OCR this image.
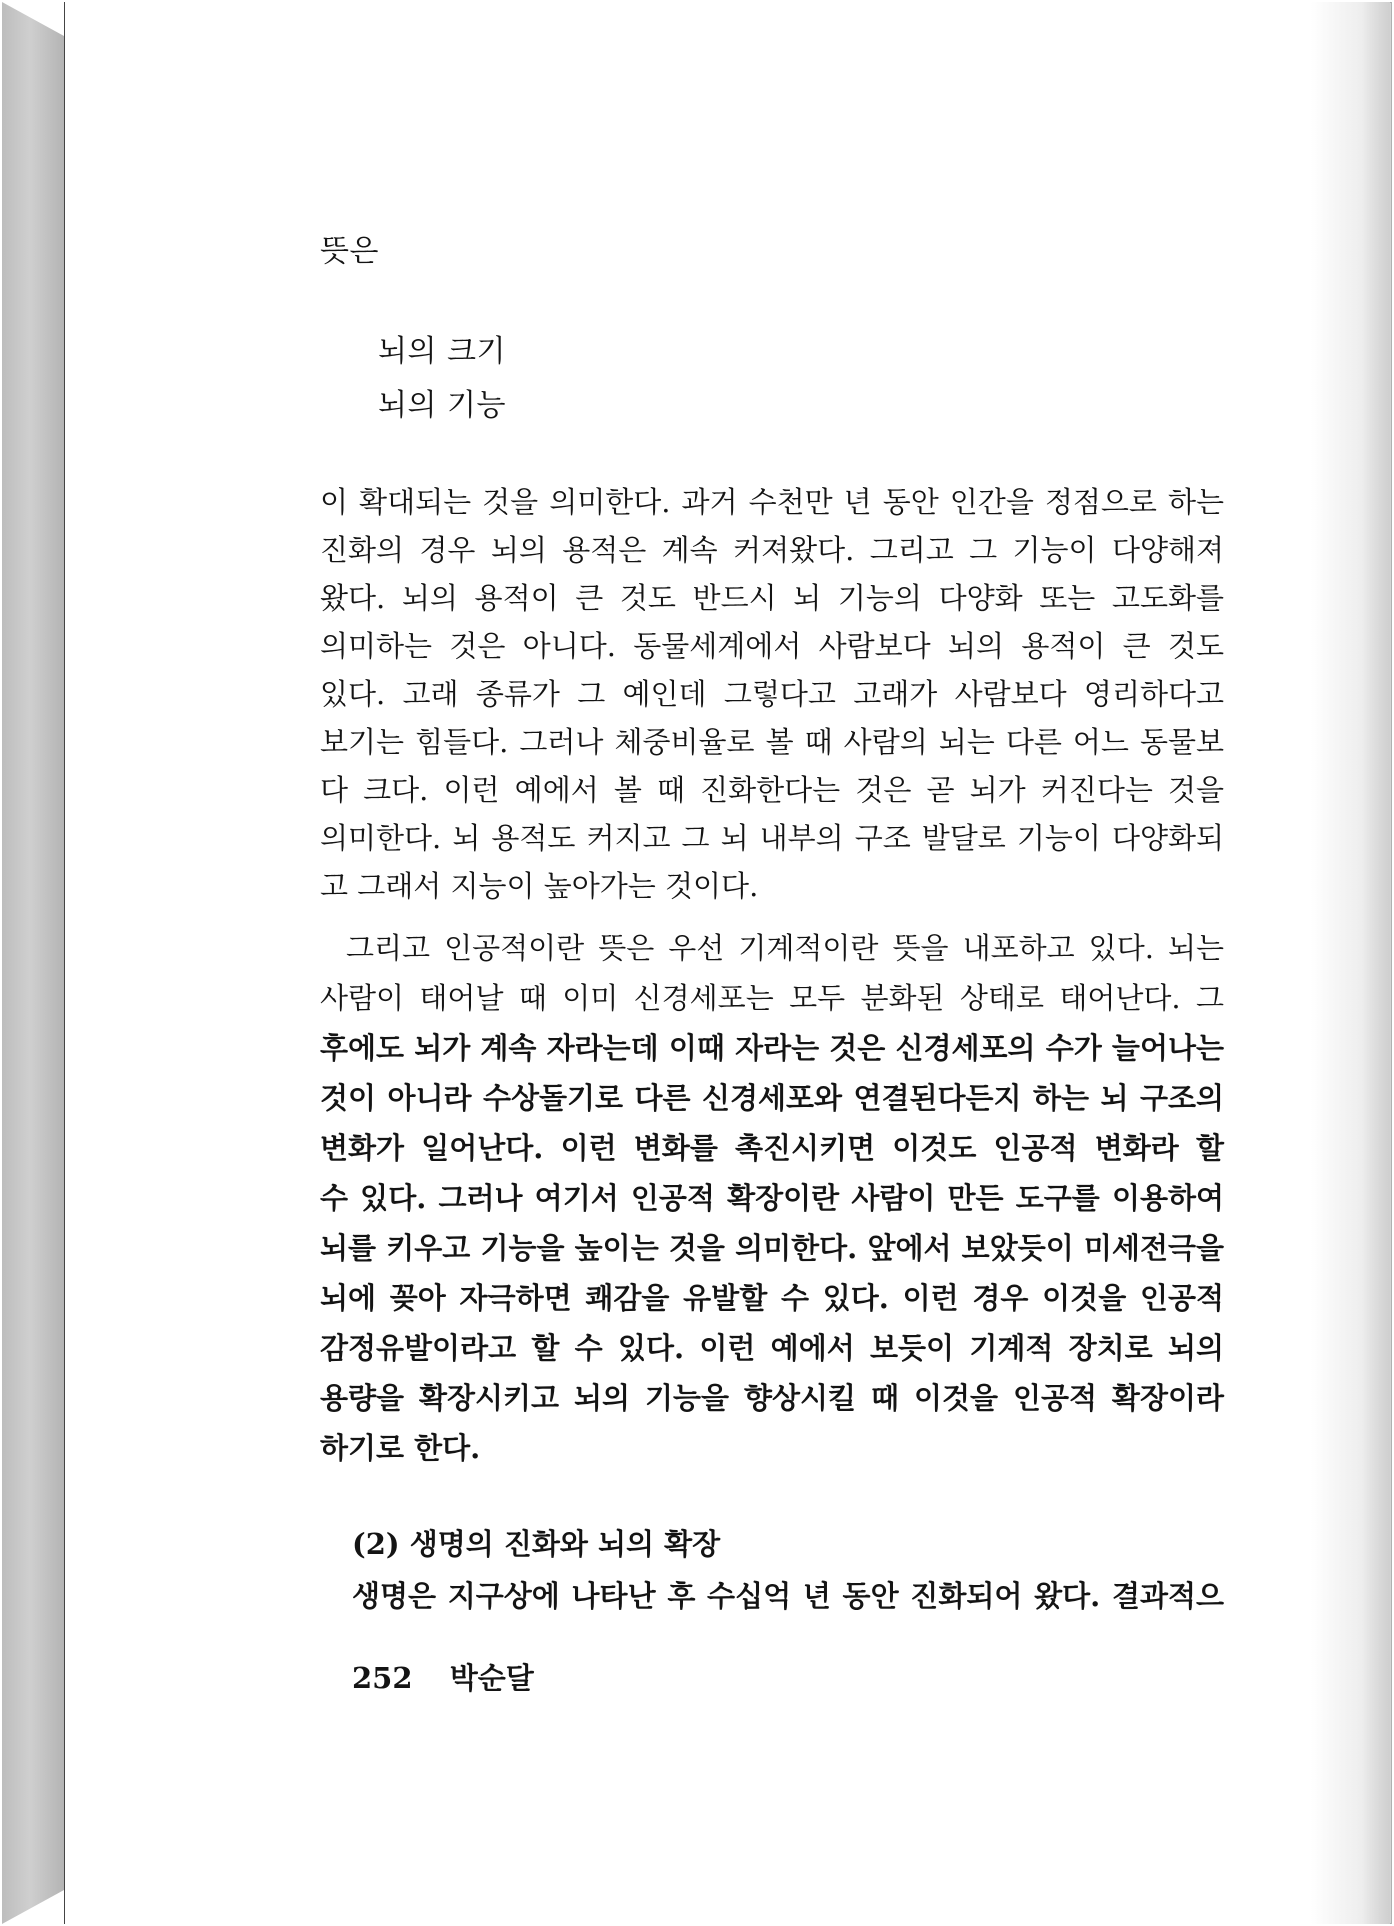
뜻은
뇌의 크기
뇌의 기능
이 확대되는 것을 의미한다. 과거 수천만 년 동안 인간을 정점으로 하는
진화의 경우 뇌의 용적은 계속 커져왔다. 그리고 그 기능이 다양해져
왔다. 뇌의 용적이 큰 것도 반드시 뇌 기능의 다양화 또는 고도화를
의미하는 것은 아니다. 동물세계에서 사람보다 뇌의 용적이 큰 것도
있다. 고래 종류가 그 예인데 그렇다고 고래가 사람보다 영리하다고
보기는 힘들다. 그러나 체중비율로 볼 때 사람의 뇌는 다른 어느 동물보
다 크다. 이런 예에서 볼 때 진화한다는 것은 곧 뇌가 커진다는 것을
의미한다. 뇌 용적도 커지고 그 뇌 내부의 구조 발달로 기능이 다양화되
고 그래서 지능이 높아가는 것이다.
그리고 인공적이란 뜻은 우선 기계적이란 뜻을 내포하고 있다. 뇌는
사람이 태어날 때 이미 신경세포는 모두 분화된 상태로 태어난다. 그
후에도 뇌가 계속 자라는데 이때 자라는 것은 신경세포의 수가 늘어나는
것이 아니라 수상돌기로 다른 신경세포와 연결된다든지 하는 뇌 구조의
변화가 일어난다. 이런 변화를 촉진시키면 이것도 인공적 변화라 할
수 있다. 그러나 여기서 인공적 확장이란 사람이 만든 도구를 이용하여
뇌를 키우고 기능을 높이는 것을 의미한다. 앞에서 보았듯이 미세전극을
뇌에 꽂아 자극하면 쾌감을 유발할 수 있다. 이런 경우 이것을 인공적
감정유발이라고 할 수 있다. 이런 예에서 보듯이 기계적 장치로 뇌의
용량을 확장시키고 뇌의 기능을 향상시킬 때 이것을 인공적 확장이라
하기로 한다.
(2) 생명의 진화와 뇌의 확장
생명은 지구상에 나타난 후 수십억 년 동안 진화되어 왔다. 결과적으
252 박순달
